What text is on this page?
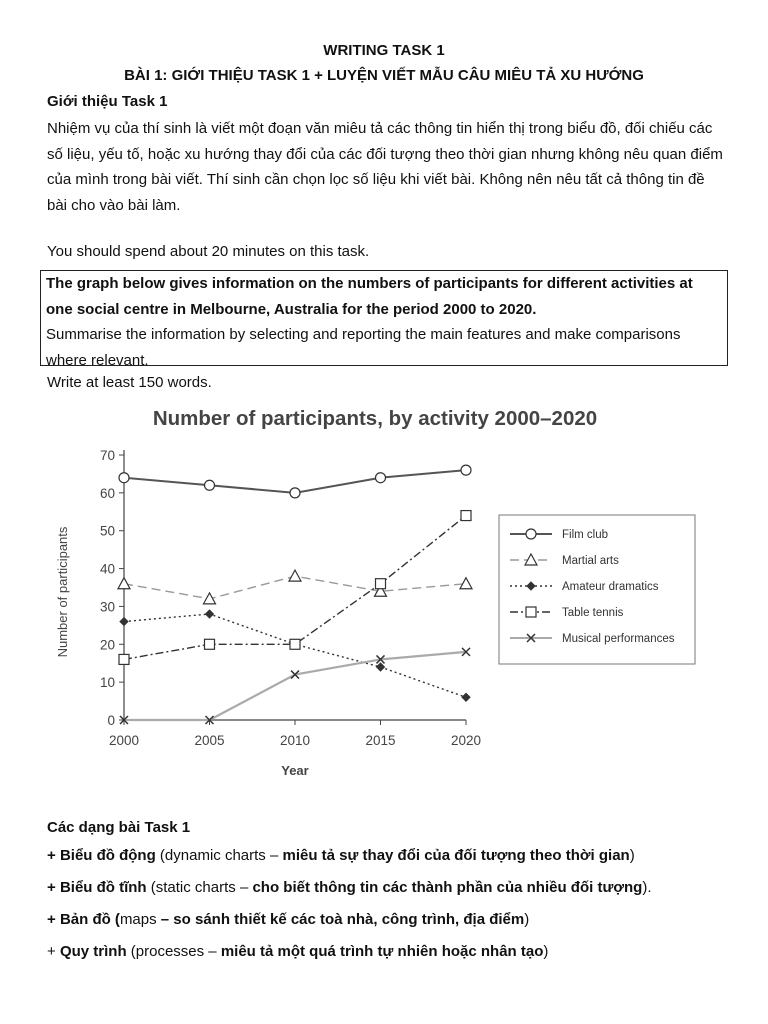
WRITING TASK 1
BÀI 1: GIỚI THIỆU TASK 1 + LUYỆN VIẾT MẪU CÂU MIÊU TẢ XU HƯỚNG
Giới thiệu Task 1
Nhiệm vụ của thí sinh là viết một đoạn văn miêu tả các thông tin hiển thị trong biểu đồ, đối chiếu các số liệu, yếu tố, hoặc xu hướng thay đổi của các đối tượng theo thời gian nhưng không nêu quan điểm của mình trong bài viết. Thí sinh cần chọn lọc số liệu khi viết bài. Không nên nêu tất cả thông tin đề bài cho vào bài làm.
You should spend about 20 minutes on this task.
The graph below gives information on the numbers of participants for different activities at one social centre in Melbourne, Australia for the period 2000 to 2020.
Summarise the information by selecting and reporting the main features and make comparisons where relevant.
Write at least 150 words.
Number of participants, by activity 2000–2020
Number of participants
Year
0
10
20
30
40
50
60
70
2000	2005	2010	2015	2020
Film club
Martial arts
Amateur dramatics
Table tennis
Musical performances
Các dạng bài Task 1
+ Biểu đồ động (dynamic charts – miêu tả sự thay đổi của đối tượng theo thời gian)
+ Biểu đồ tĩnh (static charts – cho biết thông tin các thành phần của nhiều đối tượng).
+ Bản đồ (maps – so sánh thiết kế các toà nhà, công trình, địa điểm)
+ Quy trình (processes – miêu tả một quá trình tự nhiên hoặc nhân tạo)
